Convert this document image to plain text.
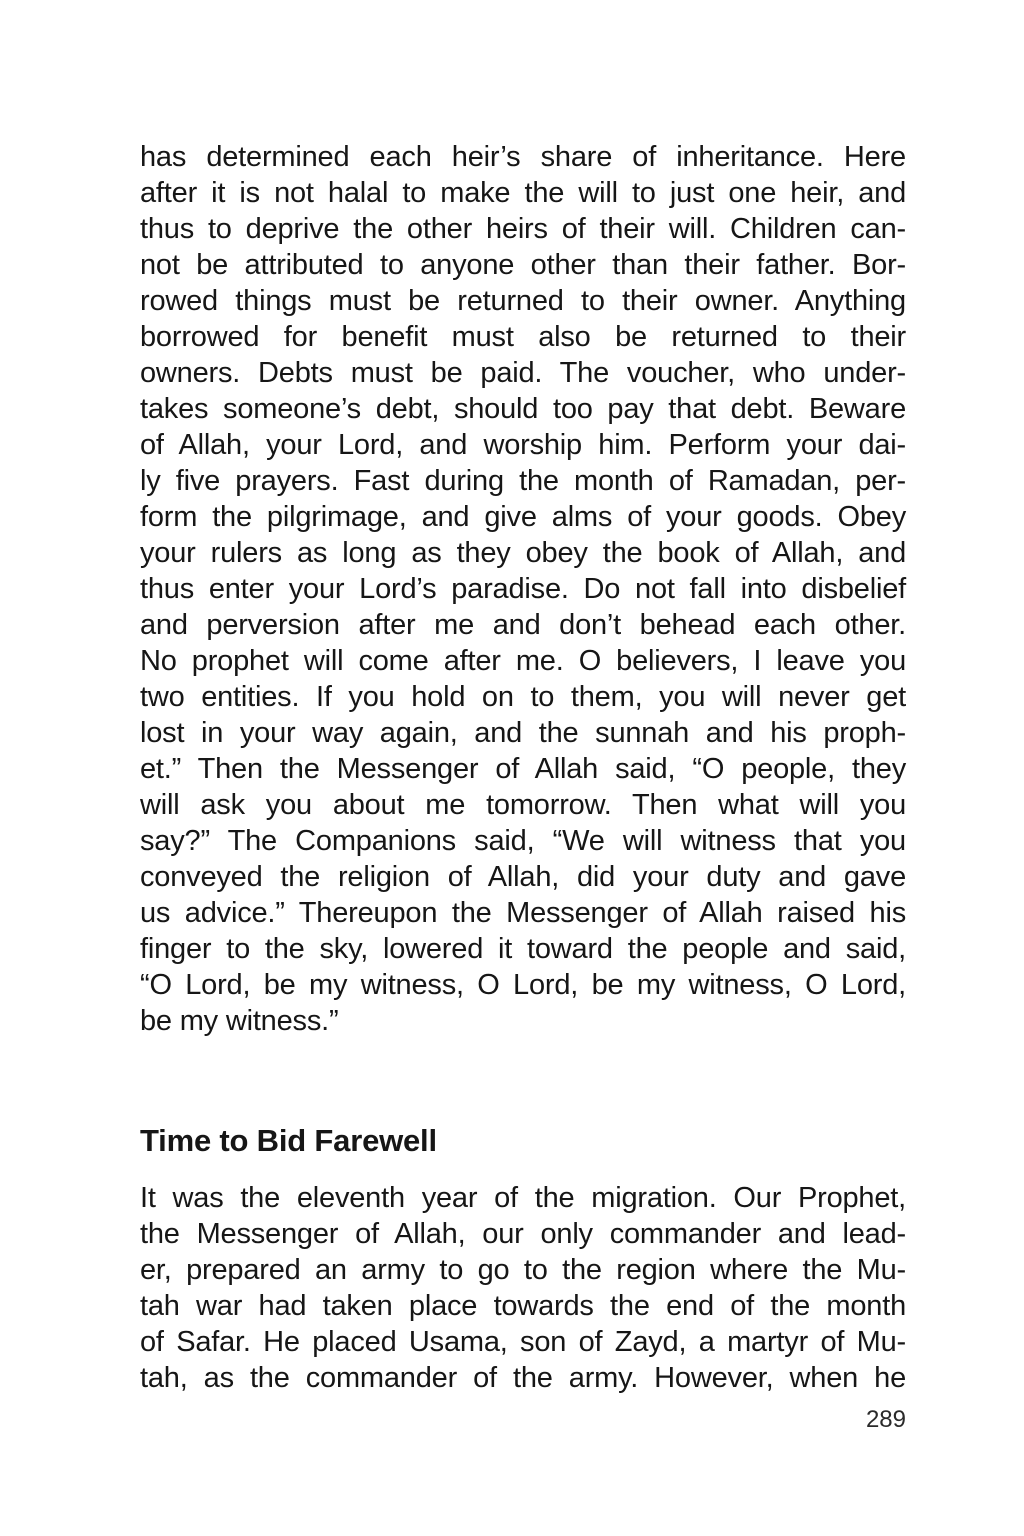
has determined each heir’s share of inheritance. Here
after it is not halal to make the will to just one heir, and
thus to deprive the other heirs of their will. Children can-
not be attributed to anyone other than their father. Bor-
rowed things must be returned to their owner. Anything
borrowed for benefit must also be returned to their
owners. Debts must be paid. The voucher, who under-
takes someone’s debt, should too pay that debt. Beware
of Allah, your Lord, and worship him. Perform your dai-
ly five prayers. Fast during the month of Ramadan, per-
form the pilgrimage, and give alms of your goods. Obey
your rulers as long as they obey the book of Allah, and
thus enter your Lord’s paradise. Do not fall into disbelief
and perversion after me and don’t behead each other.
No prophet will come after me. O believers, I leave you
two entities. If you hold on to them, you will never get
lost in your way again, and the sunnah and his proph-
et.” Then the Messenger of Allah said, “O people, they
will ask you about me tomorrow. Then what will you
say?” The Companions said, “We will witness that you
conveyed the religion of Allah, did your duty and gave
us advice.” Thereupon the Messenger of Allah raised his
finger to the sky, lowered it toward the people and said,
“O Lord, be my witness, O Lord, be my witness, O Lord,
be my witness.”
Time to Bid Farewell
It was the eleventh year of the migration. Our Prophet,
the Messenger of Allah, our only commander and lead-
er, prepared an army to go to the region where the Mu-
tah war had taken place towards the end of the month
of Safar. He placed Usama, son of Zayd, a martyr of Mu-
tah, as the commander of the army. However, when he
289
